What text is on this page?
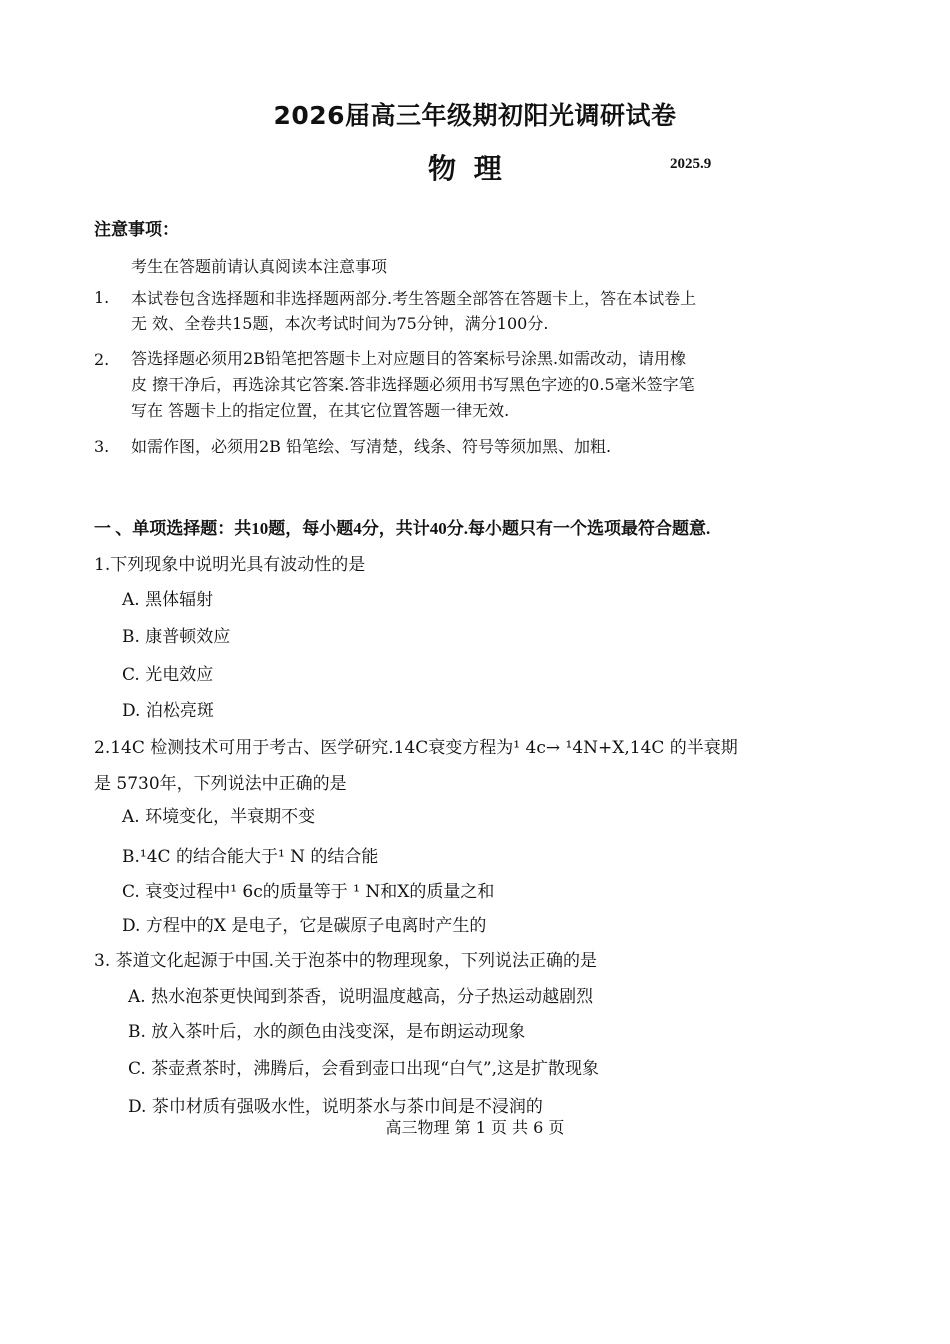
2026届高三年级期初阳光调研试卷
物 理	2025.9
注意事项：
考生在答题前请认真阅读本注意事项
1. 本试卷包含选择题和非选择题两部分.考生答题全部答在答题卡上，答在本试卷上
无 效、全卷共15题，本次考试时间为75分钟，满分100分.
2. 答选择题必须用2B铅笔把答题卡上对应题目的答案标号涂黑.如需改动，请用橡
皮 擦干净后，再选涂其它答案.答非选择题必须用书写黑色字迹的0.5毫米签字笔
写在 答题卡上的指定位置，在其它位置答题一律无效.
3. 如需作图，必须用2B 铅笔绘、写清楚，线条、符号等须加黑、加粗.
一 、单项选择题：共10题，每小题4分，共计40分.每小题只有一个选项最符合题意.
1.下列现象中说明光具有波动性的是
A. 黑体辐射
B. 康普顿效应
C. 光电效应
D. 泊松亮斑
2.14C 检测技术可用于考古、医学研究.14C衰变方程为¹ 4c→ ¹4N+X,14C 的半衰期
是 5730年，下列说法中正确的是
A. 环境变化，半衰期不变
B.¹4C 的结合能大于¹ N 的结合能
C. 衰变过程中¹ 6c的质量等于 ¹ N和X的质量之和
D. 方程中的X 是电子，它是碳原子电离时产生的
3. 茶道文化起源于中国.关于泡茶中的物理现象，下列说法正确的是
A. 热水泡茶更快闻到茶香，说明温度越高，分子热运动越剧烈
B. 放入茶叶后，水的颜色由浅变深，是布朗运动现象
C. 茶壶煮茶时，沸腾后，会看到壶口出现“白气”,这是扩散现象
D. 茶巾材质有强吸水性，说明茶水与茶巾间是不浸润的
高三物理 第 1 页 共 6 页
